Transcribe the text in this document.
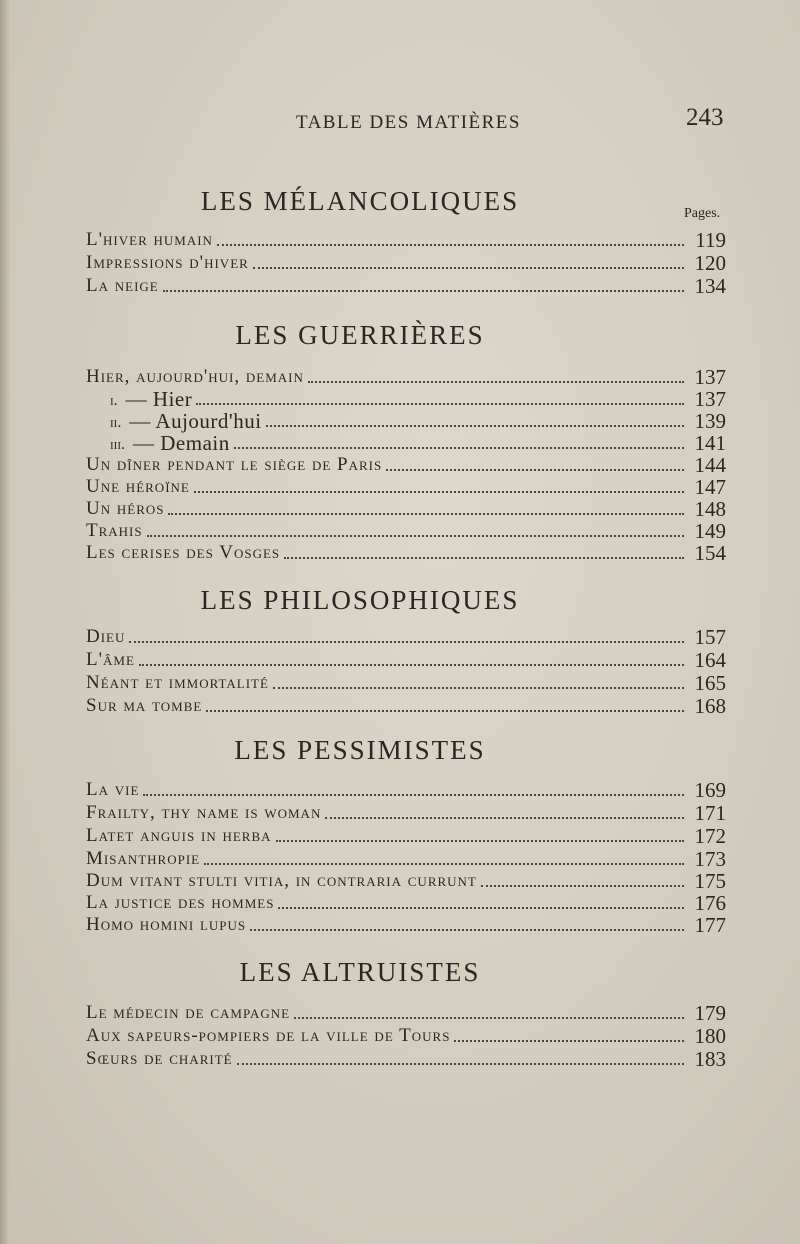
TABLE DES MATIÈRES	243
Pages.
LES MÉLANCOLIQUES
L'hiver humain	119
Impressions d'hiver	120
La neige	134
LES GUERRIÈRES
Hier, aujourd'hui, demain	137
i. — Hier	137
ii. — Aujourd'hui	139
iii. — Demain	141
Un dîner pendant le siège de Paris	144
Une héroïne	147
Un héros	148
Trahis	149
Les cerises des Vosges	154
LES PHILOSOPHIQUES
Dieu	157
L'âme	164
Néant et immortalité	165
Sur ma tombe	168
LES PESSIMISTES
La vie	169
Frailty, thy name is woman	171
Latet anguis in herba	172
Misanthropie	173
Dum vitant stulti vitia, in contraria currunt	175
La justice des hommes	176
Homo homini lupus	177
LES ALTRUISTES
Le médecin de campagne	179
Aux sapeurs-pompiers de la ville de Tours	180
Sœurs de charité	183
